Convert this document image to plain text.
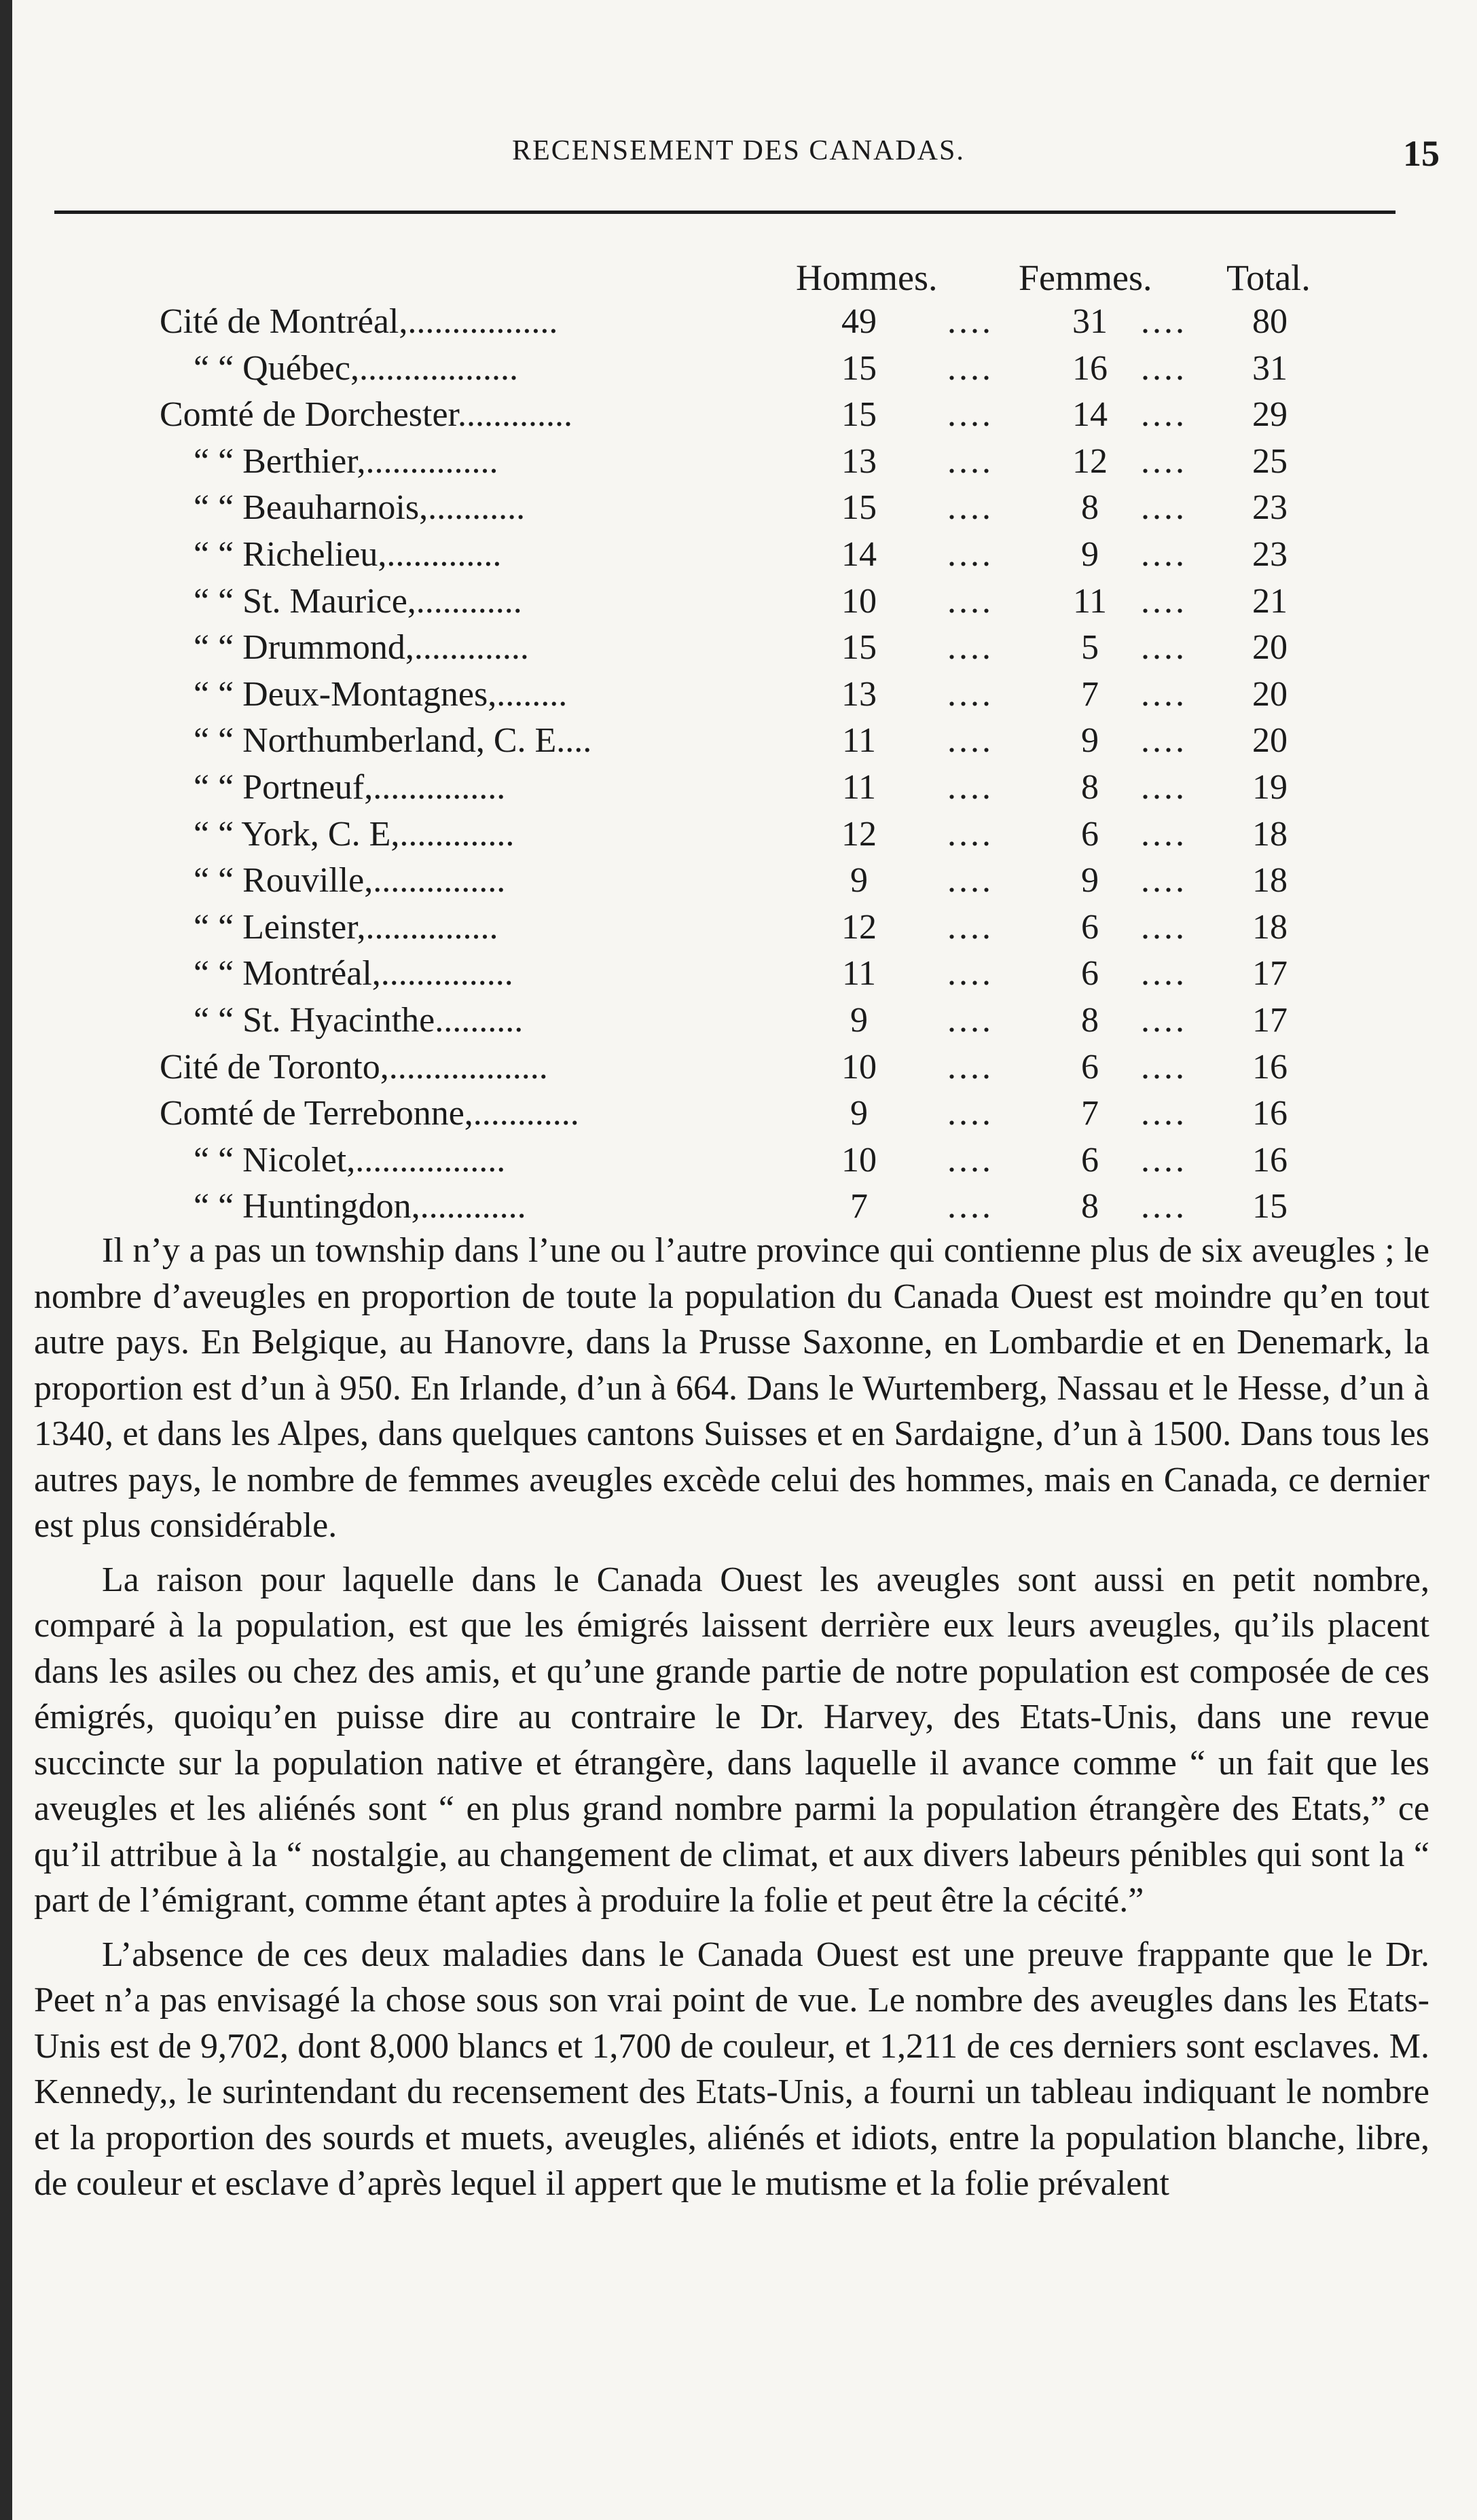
RECENSEMENT DES CANADAS.	15
Hommes. Femmes. Total.
Cité de Montréal,.................	49	....	31 ....	80
“ “ Québec,..................	15	....	16 ....	31
Comté de Dorchester.............	15	....	14 ....	29
“ “ Berthier,...............	13	....	12 ....	25
“ “ Beauharnois,...........	15	....	8	....	23
“ “ Richelieu,.............	14	....	9	....	23
“ “ St. Maurice,............	10	....	11 ....	21
“ “ Drummond,.............	15	....	5	....	20
“ “ Deux-Montagnes,........	13	....	7	....	20
“ “ Northumberland, C. E....	11	....	9	....	20
“ “ Portneuf,...............	11	....	8	....	19
“ “ York, C. E,.............	12	....	6	....	18
“ “ Rouville,...............	9	....	9	....	18
“ “ Leinster,...............	12	....	6	....	18
“ “ Montréal,...............	11	....	6	....	17
“ “ St. Hyacinthe..........	9	....	8	....	17
Cité de Toronto,..................	10	....	6	....	16
Comté de Terrebonne,............	9	....	7	....	16
“ “ Nicolet,.................	10	....	6	....	16
“ “ Huntingdon,............	7	....	8	....	15

Il n’y a pas un township dans l’une ou l’autre province qui contienne plus de six aveugles ; le nombre d’aveugles en proportion de toute la population du Canada Ouest est moindre qu’en tout autre pays. En Belgique, au Hanovre, dans la Prusse Saxonne, en Lombardie et en Denemark, la proportion est d’un à 950. En Irlande, d’un à 664. Dans le Wurtemberg, Nassau et le Hesse, d’un à 1340, et dans les Alpes, dans quelques cantons Suisses et en Sardaigne, d’un à 1500. Dans tous les autres pays, le nombre de femmes aveugles excède celui des hommes, mais en Canada, ce dernier est plus considérable.

La raison pour laquelle dans le Canada Ouest les aveugles sont aussi en petit nombre, comparé à la population, est que les émigrés laissent derrière eux leurs aveugles, qu’ils placent dans les asiles ou chez des amis, et qu’une grande partie de notre population est composée de ces émigrés, quoiqu’en puisse dire au contraire le Dr. Harvey, des Etats-Unis, dans une revue succincte sur la population native et étrangère, dans laquelle il avance comme “ un fait que les aveugles et les aliénés sont “ en plus grand nombre parmi la population étrangère des Etats,” ce qu’il attribue à la “ nostalgie, au changement de climat, et aux divers labeurs pénibles qui sont la “ part de l’émigrant, comme étant aptes à produire la folie et peut être la cécité.”

L’absence de ces deux maladies dans le Canada Ouest est une preuve frappante que le Dr. Peet n’a pas envisagé la chose sous son vrai point de vue. Le nombre des aveugles dans les Etats-Unis est de 9,702, dont 8,000 blancs et 1,700 de couleur, et 1,211 de ces derniers sont esclaves. M. Kennedy,, le surintendant du recensement des Etats-Unis, a fourni un tableau indiquant le nombre et la proportion des sourds et muets, aveugles, aliénés et idiots, entre la population blanche, libre, de couleur et esclave d’après lequel il appert que le mutisme et la folie prévalent
